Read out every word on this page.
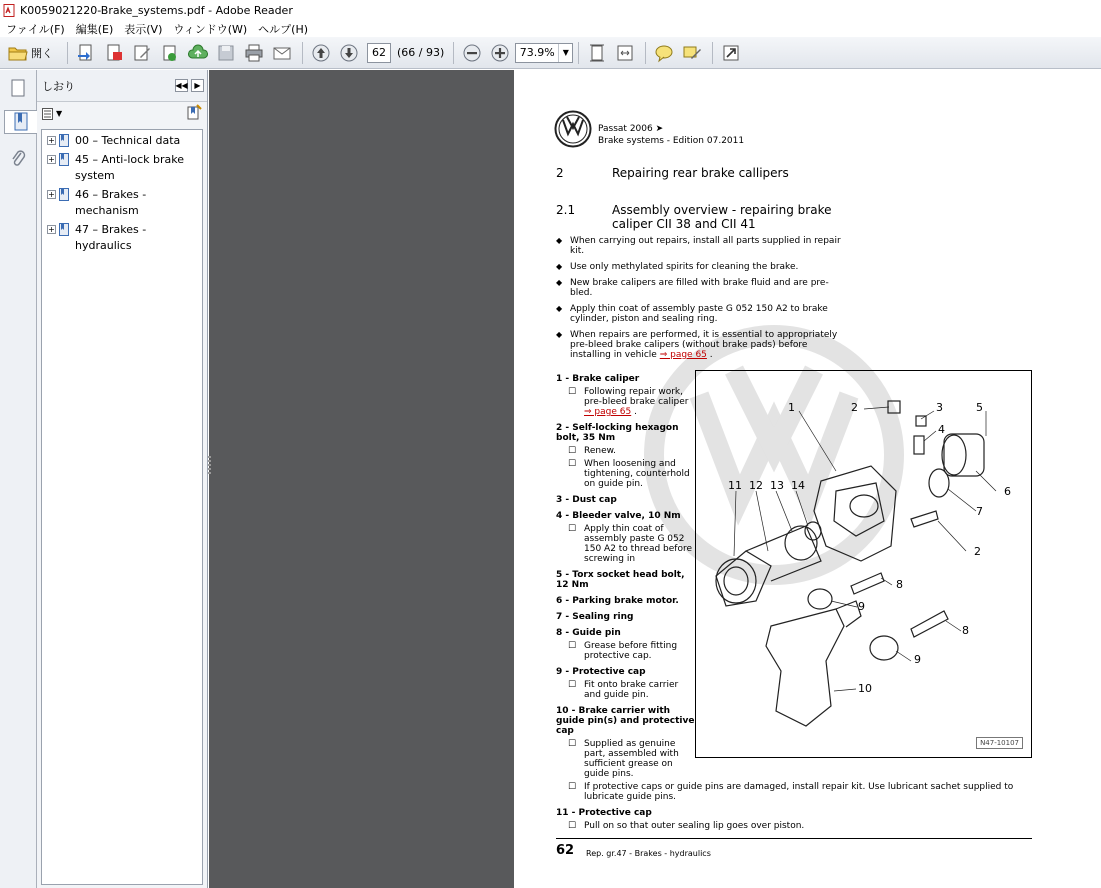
K0059021220-Brake_systems.pdf - Adobe Reader
ファイル(F) 編集(E) 表示(V) ウィンドウ(W) ヘルプ(H)
開く	62	(66 / 93)	73.9% ▼
しおり	◀◀ ▶
▼
+ 00 – Technical data
+ 45 – Anti-lock brake system
+ 46 – Brakes - mechanism
+ 47 – Brakes - hydraulics
Passat 2006 ➤
Brake systems - Edition 07.2011
2	Repairing rear brake callipers
2.1	Assembly overview - repairing brake caliper CII 38 and CII 41
◆ When carrying out repairs, install all parts supplied in repair kit.
◆ Use only methylated spirits for cleaning the brake.
◆ New brake calipers are filled with brake fluid and are pre-bled.
◆ Apply thin coat of assembly paste G 052 150 A2 to brake cylinder, piston and sealing ring.
◆ When repairs are performed, it is essential to appropriately pre-bleed brake calipers (without brake pads) before installing in vehicle ⇒ page 65 .
1 - Brake caliper
☐ Following repair work, pre-bleed brake caliper ⇒ page 65 .
2 - Self-locking hexagon bolt, 35 Nm
☐ Renew.
☐ When loosening and tightening, counterhold on guide pin.
3 - Dust cap
4 - Bleeder valve, 10 Nm
☐ Apply thin coat of assembly paste G 052 150 A2 to thread before screwing in
5 - Torx socket head bolt, 12 Nm
6 - Parking brake motor.
7 - Sealing ring
8 - Guide pin
☐ Grease before fitting protective cap.
9 - Protective cap
☐ Fit onto brake carrier and guide pin.
10 - Brake carrier with guide pin(s) and protective cap
☐ Supplied as genuine part, assembled with sufficient grease on guide pins.
☐ If protective caps or guide pins are damaged, install repair kit. Use lubricant sachet supplied to lubricate guide pins.
11 - Protective cap
☐ Pull on so that outer sealing lip goes over piston.
1	2	3
4
5
6
7
2
8
9
8
9
10
11 12 13 14
N47-10107
62 Rep. gr.47 - Brakes - hydraulics
